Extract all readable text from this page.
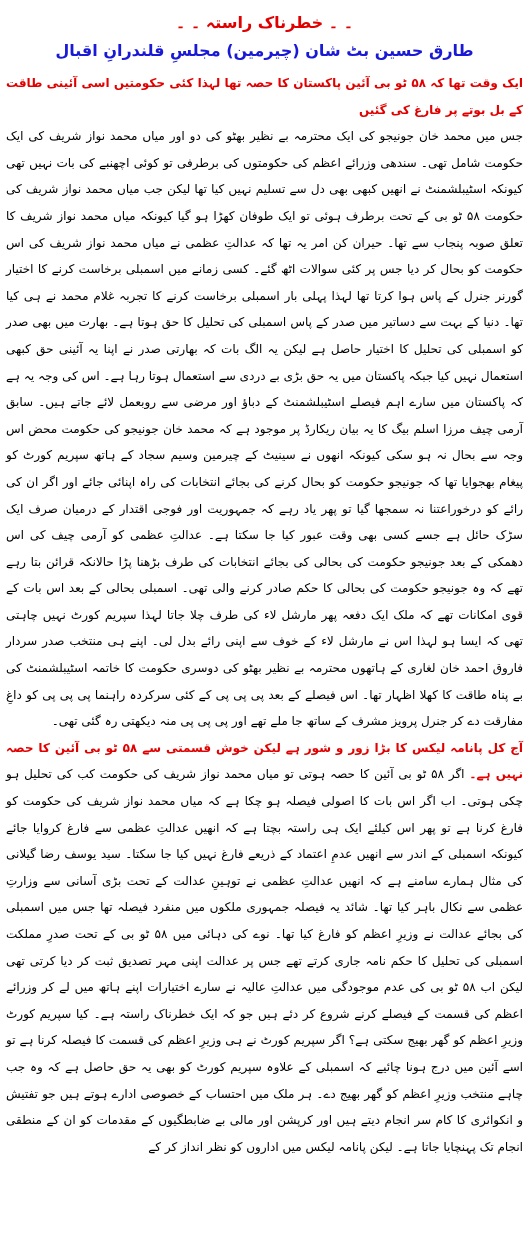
۔ ۔ خطرناک راستہ ۔ ۔
طارق حسین بٹ شان (چیرمین) مجلسِ قلندرانِ اقبال

ایک وقت تھا کہ ۵۸ ٹو بی آئین پاکستان کا حصہ تھا لہذا کئی حکومتیں اسی آئینی طاقت کے بل بوتے پر فارغ کی گئیں

جس میں محمد خان جونیجو کی ایک محترمہ بے نظیر بھٹو کی دو اور میاں محمد نواز شریف کی ایک حکومت شامل تھی۔ سندھی وزرائے اعظم کی حکومتوں کی برطرفی تو کوئی اچھنبے کی بات نہیں تھی کیونکہ اسٹیبلشمنٹ نے انھیں کبھی بھی دل سے تسلیم نہیں کیا تھا لیکن جب میاں محمد نواز شریف کی حکومت ۵۸ ٹو بی کے تحت برطرف ہوئی تو ایک طوفان کھڑا ہو گیا کیونکہ میاں محمد نواز شریف کا تعلق صوبہ پنجاب سے تھا۔ حیران کن امر یہ تھا کہ عدالتِ عظمی نے میاں محمد نواز شریف کی اس حکومت کو بحال کر دیا جس پر کئی سوالات اٹھ گئے۔ کسی زمانے میں اسمبلی برخاست کرنے کا اختیار گورنر جنرل کے پاس ہوا کرتا تھا لہذا پہلی بار اسمبلی برخاست کرنے کا تجربہ غلام محمد نے ہی کیا تھا۔ دنیا کے بہت سے دساتیر میں صدر کے پاس اسمبلی کی تحلیل کا حق ہوتا ہے۔ بھارت میں بھی صدر کو اسمبلی کی تحلیل کا اختیار حاصل ہے لیکن یہ الگ بات کہ بھارتی صدر نے اپنا یہ آئینی حق کبھی استعمال نہیں کیا جبکہ پاکستان میں یہ حق بڑی بے دردی سے استعمال ہوتا رہا ہے۔ اس کی وجہ یہ ہے کہ پاکستان میں سارے اہم فیصلے اسٹیبلشمنٹ کے دباؤ اور مرضی سے روبعمل لائے جاتے ہیں۔ سابق آرمی چیف مرزا اسلم بیگ کا یہ بیان ریکارڈ پر موجود ہے کہ محمد خان جونیجو کی حکومت محض اس وجہ سے بحال نہ ہو سکی کیونکہ انھوں نے سینیٹ کے چیرمین وسیم سجاد کے ہاتھ سپریم کورٹ کو پیغام بھجوایا تھا کہ جونیجو حکومت کو بحال کرنے کی بجائے انتخابات کی راہ اپنائی جائے اور اگر ان کی رائے کو درخوراعتنا نہ سمجھا گیا تو پھر یاد رہے کہ جمہوریت اور فوجی اقتدار کے درمیان صرف ایک سڑک حائل ہے جسے کسی بھی وقت عبور کیا جا سکتا ہے۔ عدالتِ عظمی کو آرمی چیف کی اس دھمکی کے بعد جونیجو حکومت کی بحالی کی بجائے انتخابات کی طرف بڑھنا پڑا حالانکہ قرائن بتا رہے تھے کہ وہ جونیجو حکومت کی بحالی کا حکم صادر کرنے والی تھی۔ اسمبلی بحالی کے بعد اس بات کے قوی امکانات تھے کہ ملک ایک دفعہ پھر مارشل لاء کی طرف چلا جاتا لہذا سپریم کورٹ نہیں چاہتی تھی کہ ایسا ہو لہذا اس نے مارشل لاء کے خوف سے اپنی رائے بدل لی۔ اپنے ہی منتخب صدر سردار فاروق احمد خان لغاری کے ہاتھوں محترمہ بے نظیر بھٹو کی دوسری حکومت کا خاتمہ اسٹیبلشمنٹ کی بے پناہ طاقت کا کھلا اظہار تھا۔ اس فیصلے کے بعد پی پی پی کے کئی سرکردہ راہنما پی پی پی کو داغِ مفارقت دے کر جنرل پرویز مشرف کے ساتھ جا ملے تھے اور پی پی پی منہ دیکھتی رہ گئی تھی۔

آج کل پانامہ لیکس کا بڑا زور و شور ہے لیکن خوش قسمتی سے ۵۸ ٹو بی آئین کا حصہ نہیں ہے۔ اگر ۵۸ ٹو بی آئین کا حصہ ہوتی تو میاں محمد نواز شریف کی حکومت کب کی تحلیل ہو چکی ہوتی۔ اب اگر اس بات کا اصولی فیصلہ ہو چکا ہے کہ میاں محمد نواز شریف کی حکومت کو فارغ کرنا ہے تو پھر اس کیلئے ایک ہی راستہ بچتا ہے کہ انھیں عدالتِ عظمی سے فارغ کروایا جائے کیونکہ اسمبلی کے اندر سے انھیں عدمِ اعتماد کے ذریعے فارغ نہیں کیا جا سکتا۔ سید یوسف رضا گیلانی کی مثال ہمارے سامنے ہے کہ انھیں عدالتِ عظمی نے توہینِ عدالت کے تحت بڑی آسانی سے وزارتِ عظمی سے نکال باہر کیا تھا۔ شائد یہ فیصلہ جمہوری ملکوں میں منفرد فیصلہ تھا جس میں اسمبلی کی بجائے عدالت نے وزیرِ اعظم کو فارغ کیا تھا۔ نوے کی دہائی میں ۵۸ ٹو بی کے تحت صدرِ مملکت اسمبلی کی تحلیل کا حکم نامہ جاری کرتے تھے جس پر عدالت اپنی مہر تصدیق ثبت کر دیا کرتی تھی لیکن اب ۵۸ ٹو بی کی عدم موجودگی میں عدالتِ عالیہ نے سارے اختیارات اپنے ہاتھ میں لے کر وزرائے اعظم کی قسمت کے فیصلے کرنے شروع کر دئے ہیں جو کہ ایک خطرناک راستہ ہے۔ کیا سپریم کورٹ وزیرِ اعظم کو گھر بھیج سکتی ہے؟ اگر سپریم کورٹ نے ہی وزیرِ اعظم کی قسمت کا فیصلہ کرنا ہے تو اسے آئین میں درج ہونا چائیے کہ اسمبلی کے علاوہ سپریم کورٹ کو بھی یہ حق حاصل ہے کہ وہ جب چاہے منتخب وزیرِ اعظم کو گھر بھیج دے۔ ہر ملک میں احتساب کے خصوصی ادارے ہوتے ہیں جو تفتیش و انکوائری کا کام سر انجام دیتے ہیں اور کرپشن اور مالی بے ضابطگیوں کے مقدمات کو ان کے منطقی انجام تک پہنچایا جاتا ہے۔ لیکن پانامہ لیکس میں اداروں کو نظر انداز کر کے
